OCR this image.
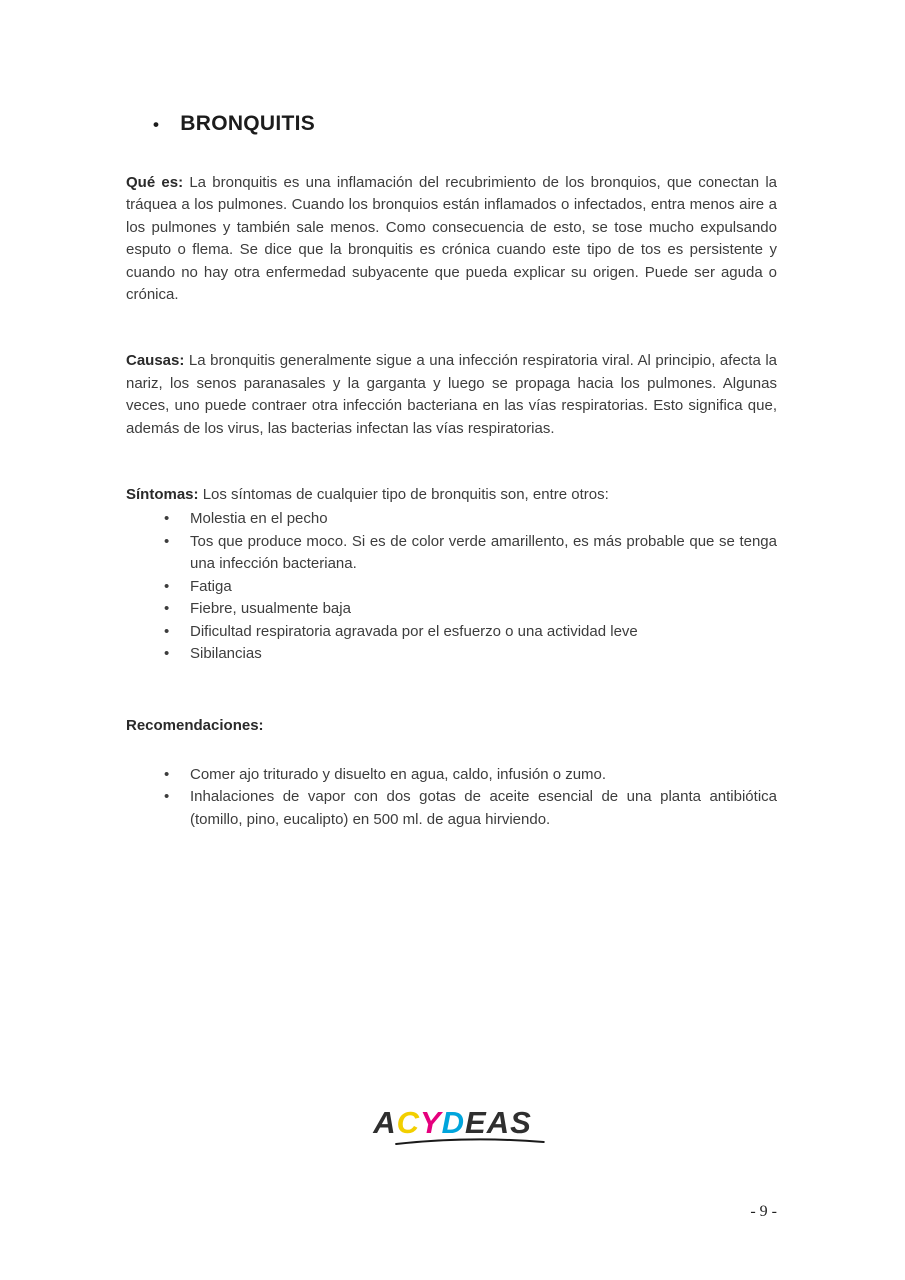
• BRONQUITIS

Qué es: La bronquitis es una inflamación del recubrimiento de los bronquios, que conectan la tráquea a los pulmones. Cuando los bronquios están inflamados o infectados, entra menos aire a los pulmones y también sale menos. Como consecuencia de esto, se tose mucho expulsando esputo o flema. Se dice que la bronquitis es crónica cuando este tipo de tos es persistente y cuando no hay otra enfermedad subyacente que pueda explicar su origen. Puede ser aguda o crónica.

Causas: La bronquitis generalmente sigue a una infección respiratoria viral. Al principio, afecta la nariz, los senos paranasales y la garganta y luego se propaga hacia los pulmones. Algunas veces, uno puede contraer otra infección bacteriana en las vías respiratorias. Esto significa que, además de los virus, las bacterias infectan las vías respiratorias.

Síntomas: Los síntomas de cualquier tipo de bronquitis son, entre otros:

• Molestia en el pecho
• Tos que produce moco. Si es de color verde amarillento, es más probable que se tenga una infección bacteriana.
• Fatiga
• Fiebre, usualmente baja
• Dificultad respiratoria agravada por el esfuerzo o una actividad leve
• Sibilancias

Recomendaciones:

• Comer ajo triturado y disuelto en agua, caldo, infusión o zumo.
• Inhalaciones de vapor con dos gotas de aceite esencial de una planta antibiótica (tomillo, pino, eucalipto) en 500 ml. de agua hirviendo.
ACYDEAS
- 9 -
